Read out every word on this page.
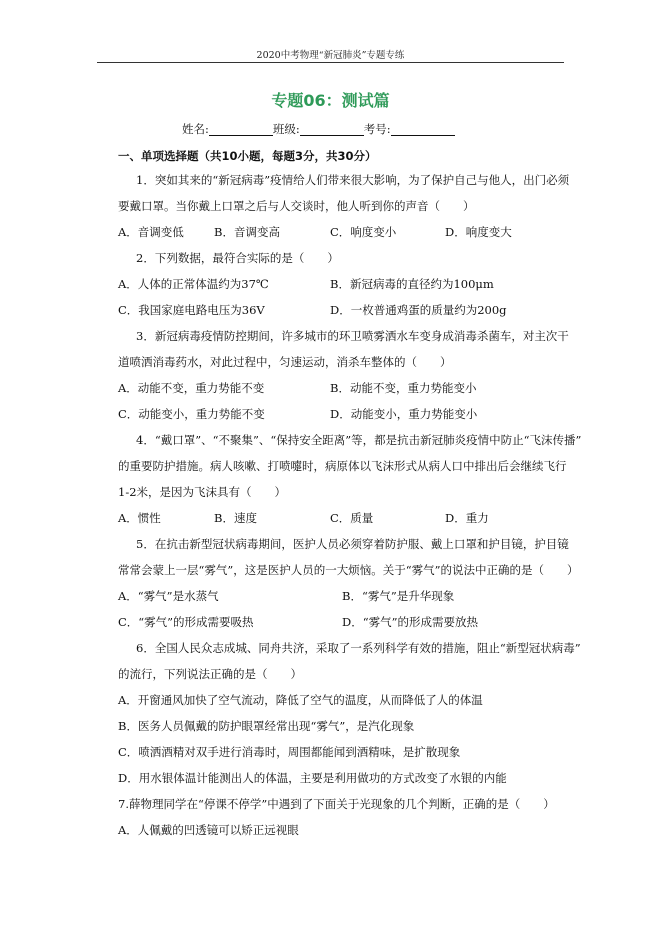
2020中考物理“新冠肺炎”专题专练
专题06：测试篇
姓名:	班级:	考号:
一、单项选择题（共10小题，每题3分，共30分）
1．突如其来的“新冠病毒”疫情给人们带来很大影响，为了保护自己与他人，出门必须
要戴口罩。当你戴上口罩之后与人交谈时，他人听到你的声音（　　）
A．音调变低	B．音调变高	C．响度变小	D．响度变大
2．下列数据，最符合实际的是（　　）
A．人体的正常体温约为37℃	B．新冠病毒的直径约为100μm
C．我国家庭电路电压为36V	D．一枚普通鸡蛋的质量约为200g
3．新冠病毒疫情防控期间，许多城市的环卫喷雾洒水车变身成消毒杀菌车，对主次干
道喷洒消毒药水，对此过程中，匀速运动，消杀车整体的（　　）
A．动能不变，重力势能不变	B．动能不变，重力势能变小
C．动能变小，重力势能不变	D．动能变小，重力势能变小
4．“戴口罩”、“不聚集”、“保持安全距离”等，都是抗击新冠肺炎疫情中防止“飞沫传播”
的重要防护措施。病人咳嗽、打喷嚏时，病原体以飞沫形式从病人口中排出后会继续飞行
1-2米，是因为飞沫具有（　　）
A．惯性	B．速度	C．质量	D．重力
5．在抗击新型冠状病毒期间，医护人员必须穿着防护服、戴上口罩和护目镜，护目镜
常常会蒙上一层“雾气”，这是医护人员的一大烦恼。关于“雾气”的说法中正确的是（　　）
A．“雾气”是水蒸气	B．“雾气”是升华现象
C．“雾气”的形成需要吸热	D．“雾气”的形成需要放热
6．全国人民众志成城、同舟共济，采取了一系列科学有效的措施，阻止“新型冠状病毒”
的流行，下列说法正确的是（　　）
A．开窗通风加快了空气流动，降低了空气的温度，从而降低了人的体温
B．医务人员佩戴的防护眼罩经常出现“雾气”，是汽化现象
C．喷洒酒精对双手进行消毒时，周围都能闻到酒精味，是扩散现象
D．用水银体温计能测出人的体温，主要是利用做功的方式改变了水银的内能
7.薛物理同学在“停课不停学”中遇到了下面关于光现象的几个判断，正确的是（　　）
A．人佩戴的凹透镜可以矫正远视眼
